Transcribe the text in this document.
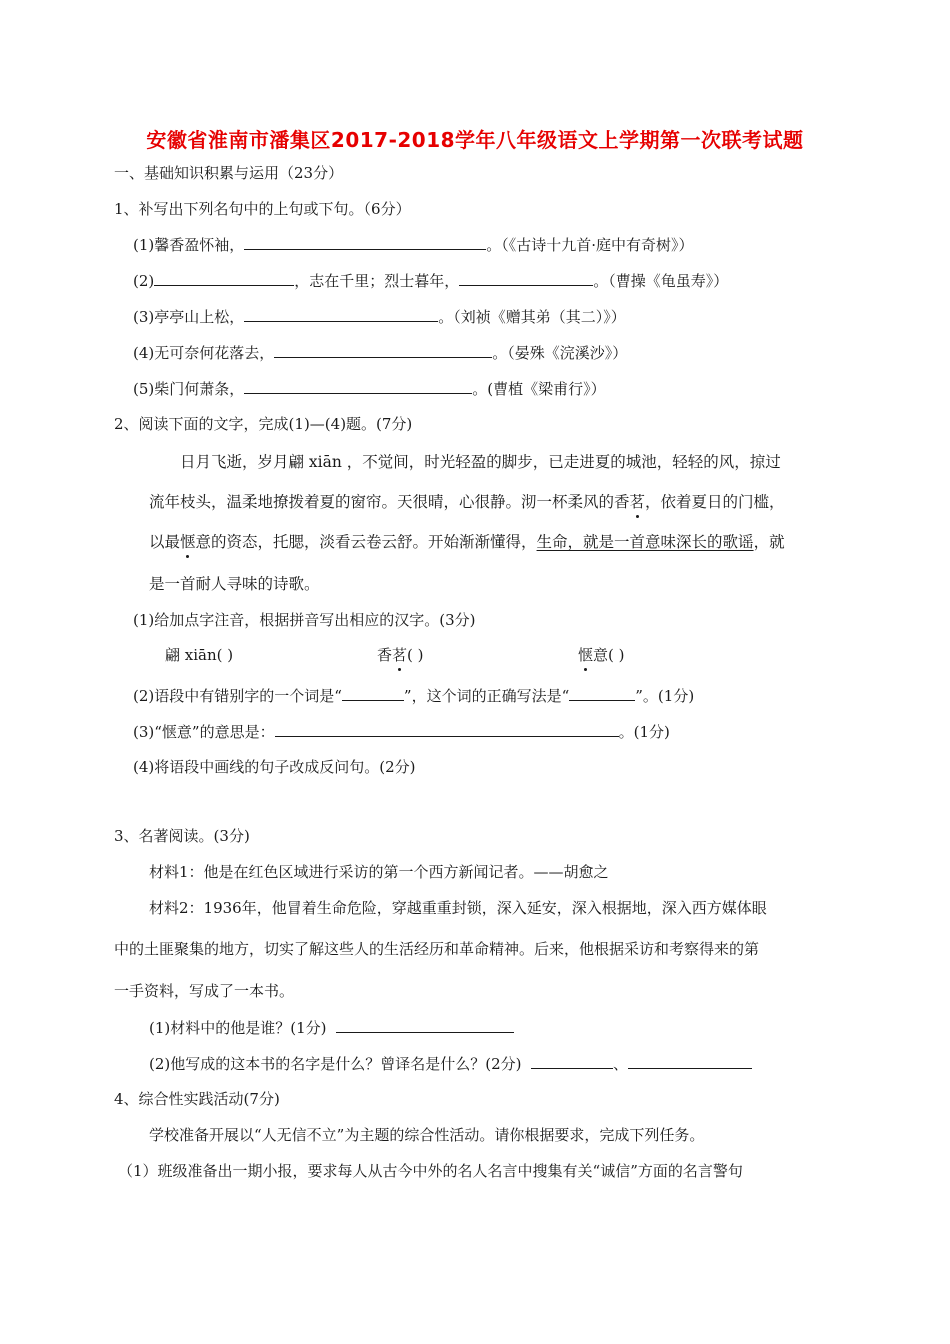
安徽省淮南市潘集区2017-2018学年八年级语文上学期第一次联考试题
一、基础知识积累与运用（23分）
1、补写出下列名句中的上句或下句。（6分）
(1)馨香盈怀袖，	。（《古诗十九首·庭中有奇树》）
(2)	，志在千里；烈士暮年，	。（曹操《龟虽寿》）
(3)亭亭山上松，	。（刘祯《赠其弟（其二）》）
(4)无可奈何花落去，	。（晏殊《浣溪沙》）
(5)柴门何萧条，	。(曹植《梁甫行》）
2、阅读下面的文字，完成(1)—(4)题。(7分)
日月飞逝，岁月翩 xiān ，不觉间，时光轻盈的脚步，已走进夏的城池，轻轻的风，掠过
流年枝头，温柔地撩拨着夏的窗帘。天很晴，心很静。沏一杯柔风的香茗，依着夏日的门槛，
以最惬意的资态，托腮，淡看云卷云舒。开始渐渐懂得，生命，就是一首意味深长的歌谣，就
是一首耐人寻味的诗歌。
(1)给加点字注音，根据拼音写出相应的汉字。(3分)
翩 xiān( )	香茗( )	惬意( )
(2)语段中有错别字的一个词是“	”，这个词的正确写法是“	”。(1分)
(3)“惬意”的意思是：	。(1分)
(4)将语段中画线的句子改成反问句。(2分)
3、名著阅读。(3分)
材料1：他是在红色区域进行采访的第一个西方新闻记者。——胡愈之
材料2：1936年，他冒着生命危险，穿越重重封锁，深入延安，深入根据地，深入西方媒体眼
中的土匪聚集的地方，切实了解这些人的生活经历和革命精神。后来，他根据采访和考察得来的第
一手资料，写成了一本书。
(1)材料中的他是谁？(1分)
(2)他写成的这本书的名字是什么？曾译名是什么？(2分)	、
4、综合性实践活动(7分)
学校准备开展以“人无信不立”为主题的综合性活动。请你根据要求，完成下列任务。
（1）班级准备出一期小报，要求每人从古今中外的名人名言中搜集有关“诚信”方面的名言警句
